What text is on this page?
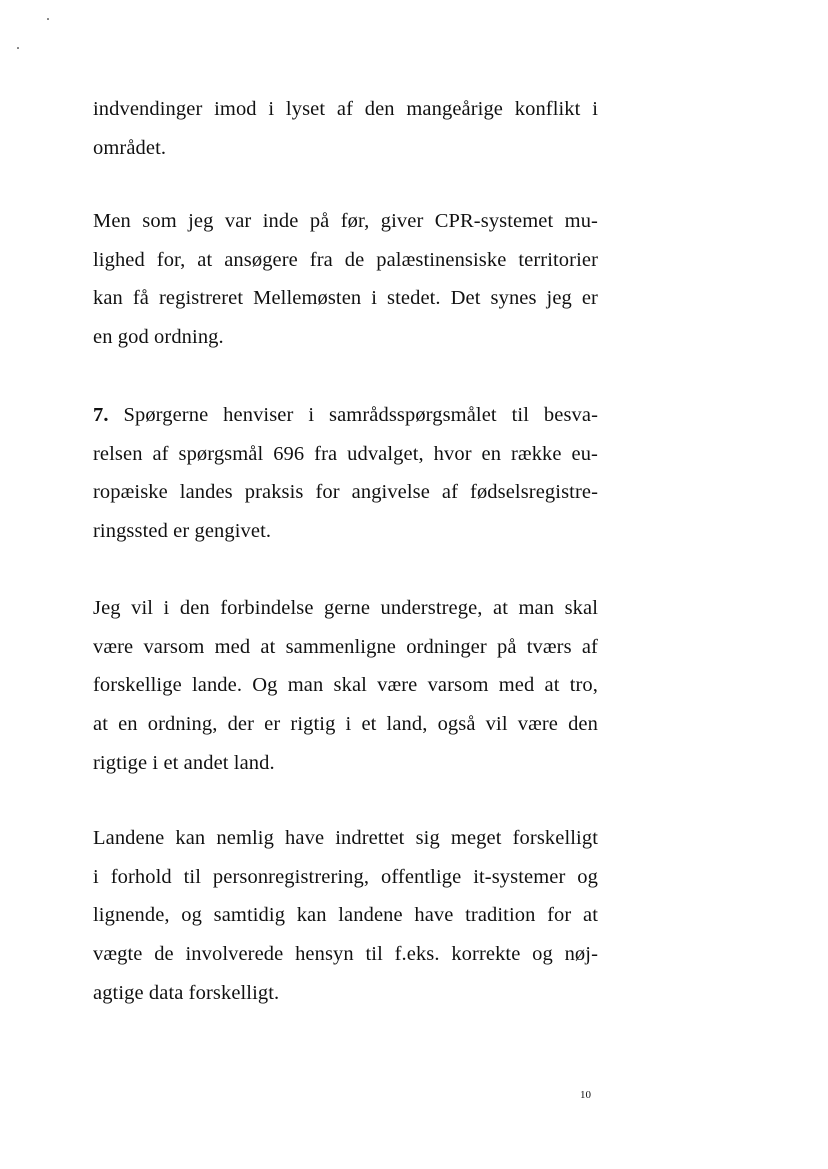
indvendinger imod i lyset af den mangeårige konflikt i
området.

Men som jeg var inde på før, giver CPR-systemet mu-
lighed for, at ansøgere fra de palæstinensiske territorier
kan få registreret Mellemøsten i stedet. Det synes jeg er
en god ordning.

7. Spørgerne henviser i samrådsspørgsmålet til besva-
relsen af spørgsmål 696 fra udvalget, hvor en række eu-
ropæiske landes praksis for angivelse af fødselsregistre-
ringssted er gengivet.

Jeg vil i den forbindelse gerne understrege, at man skal
være varsom med at sammenligne ordninger på tværs af
forskellige lande. Og man skal være varsom med at tro,
at en ordning, der er rigtig i et land, også vil være den
rigtige i et andet land.

Landene kan nemlig have indrettet sig meget forskelligt
i forhold til personregistrering, offentlige it-systemer og
lignende, og samtidig kan landene have tradition for at
vægte de involverede hensyn til f.eks. korrekte og nøj-
agtige data forskelligt.

10
